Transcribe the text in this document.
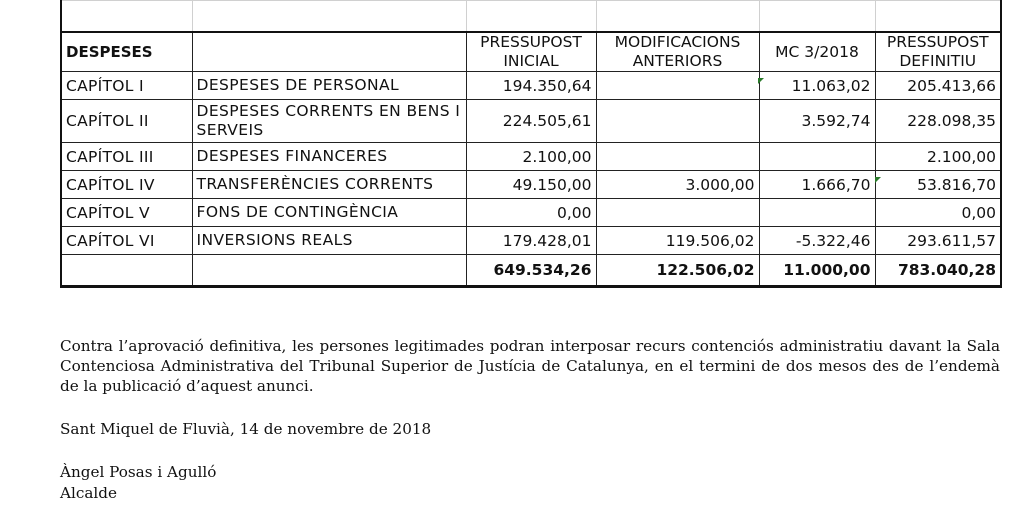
DESPESES		PRESSUPOST INICIAL	MODIFICACIONS ANTERIORS	MC 3/2018	PRESSUPOST DEFINITIU
CAPÍTOL I	DESPESES DE PERSONAL	194.350,64		11.063,02	205.413,66
CAPÍTOL II	DESPESES CORRENTS EN BENS I SERVEIS	224.505,61		3.592,74	228.098,35
CAPÍTOL III	DESPESES FINANCERES	2.100,00			2.100,00
CAPÍTOL IV	TRANSFERÈNCIES CORRENTS	49.150,00	3.000,00	1.666,70	53.816,70
CAPÍTOL V	FONS DE CONTINGÈNCIA	0,00			0,00
CAPÍTOL VI	INVERSIONS REALS	179.428,01	119.506,02	-5.322,46	293.611,57
		649.534,26	122.506,02	11.000,00	783.040,28

Contra l’aprovació definitiva, les persones legitimades podran interposar recurs contenciós administratiu davant la Sala Contenciosa Administrativa del Tribunal Superior de Justícia de Catalunya, en el termini de dos mesos des de l’endemà de la publicació d’aquest anunci.

Sant Miquel de Fluvià, 14 de novembre de 2018

Àngel Posas i Agulló
Alcalde
